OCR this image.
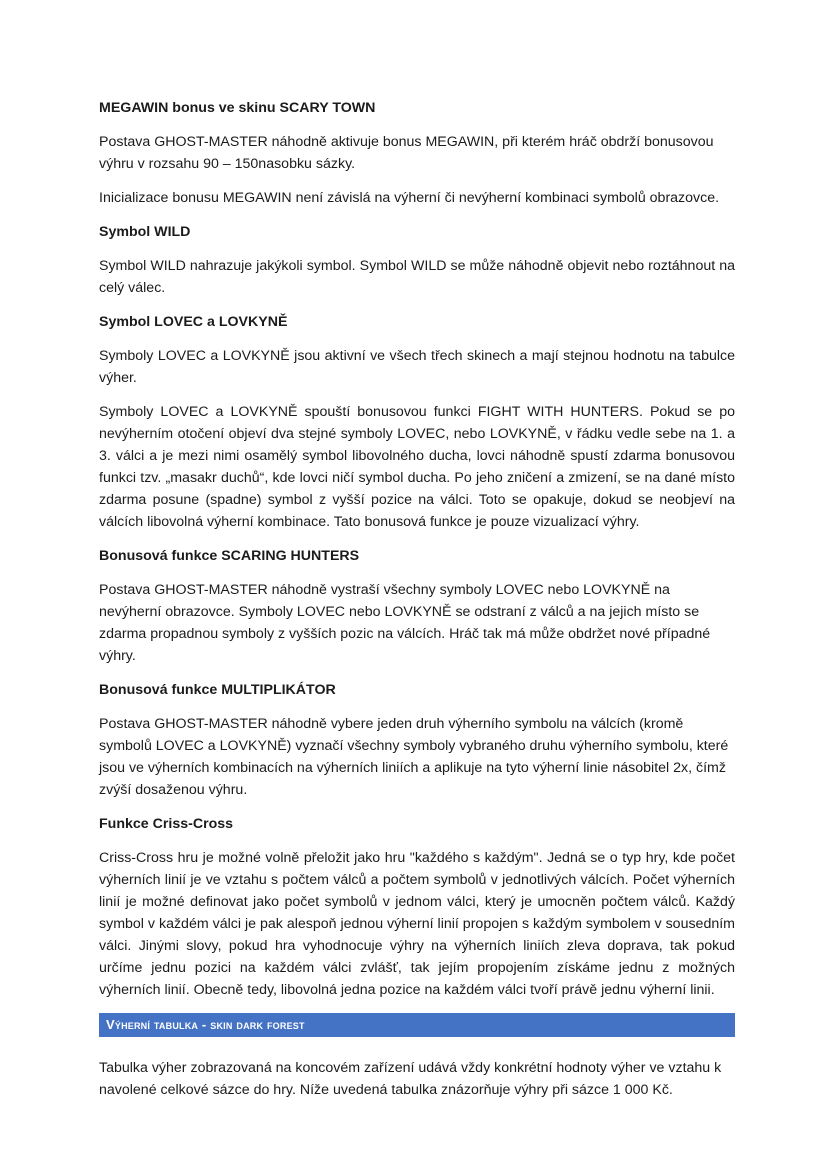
MEGAWIN bonus ve skinu SCARY TOWN

Postava GHOST-MASTER náhodně aktivuje bonus MEGAWIN, při kterém hráč obdrží bonusovou výhru v rozsahu 90 – 150nasobku sázky.

Inicializace bonusu MEGAWIN není závislá na výherní či nevýherní kombinaci symbolů obrazovce.

Symbol WILD

Symbol WILD nahrazuje jakýkoli symbol. Symbol WILD se může náhodně objevit nebo roztáhnout na celý válec.

Symbol LOVEC a LOVKYNĚ

Symboly LOVEC a LOVKYNĚ jsou aktivní ve všech třech skinech a mají stejnou hodnotu na tabulce výher.

Symboly LOVEC a LOVKYNĚ spouští bonusovou funkci FIGHT WITH HUNTERS. Pokud se po nevýherním otočení objeví dva stejné symboly LOVEC, nebo LOVKYNĚ, v řádku vedle sebe na 1. a 3. válci a je mezi nimi osamělý symbol libovolného ducha, lovci náhodně spustí zdarma bonusovou funkci tzv. „masakr duchů“, kde lovci ničí symbol ducha. Po jeho zničení a zmizení, se na dané místo zdarma posune (spadne) symbol z vyšší pozice na válci. Toto se opakuje, dokud se neobjeví na válcích libovolná výherní kombinace. Tato bonusová funkce je pouze vizualizací výhry.

Bonusová funkce SCARING HUNTERS

Postava GHOST-MASTER náhodně vystraší všechny symboly LOVEC nebo LOVKYNĚ na nevýherní obrazovce. Symboly LOVEC nebo LOVKYNĚ se odstraní z válců a na jejich místo se zdarma propadnou symboly z vyšších pozic na válcích. Hráč tak má může obdržet nové případné výhry.

Bonusová funkce MULTIPLIKÁTOR

Postava GHOST-MASTER náhodně vybere jeden druh výherního symbolu na válcích (kromě symbolů LOVEC a LOVKYNĚ) vyznačí všechny symboly vybraného druhu výherního symbolu, které jsou ve výherních kombinacích na výherních liniích a aplikuje na tyto výherní linie násobitel 2x, čímž zvýší dosaženou výhru.

Funkce Criss-Cross

Criss-Cross hru je možné volně přeložit jako hru "každého s každým". Jedná se o typ hry, kde počet výherních linií je ve vztahu s počtem válců a počtem symbolů v jednotlivých válcích. Počet výherních linií je možné definovat jako počet symbolů v jednom válci, který je umocněn počtem válců. Každý symbol v každém válci je pak alespoň jednou výherní linií propojen s každým symbolem v sousedním válci. Jinými slovy, pokud hra vyhodnocuje výhry na výherních liniích zleva doprava, tak pokud určíme jednu pozici na každém válci zvlášť, tak jejím propojením získáme jednu z možných výherních linií. Obecně tedy, libovolná jedna pozice na každém válci tvoří právě jednu výherní linii.

Výherní tabulka - skin dark forest

Tabulka výher zobrazovaná na koncovém zařízení udává vždy konkrétní hodnoty výher ve vztahu k navolené celkové sázce do hry. Níže uvedená tabulka znázorňuje výhry při sázce 1 000 Kč.
